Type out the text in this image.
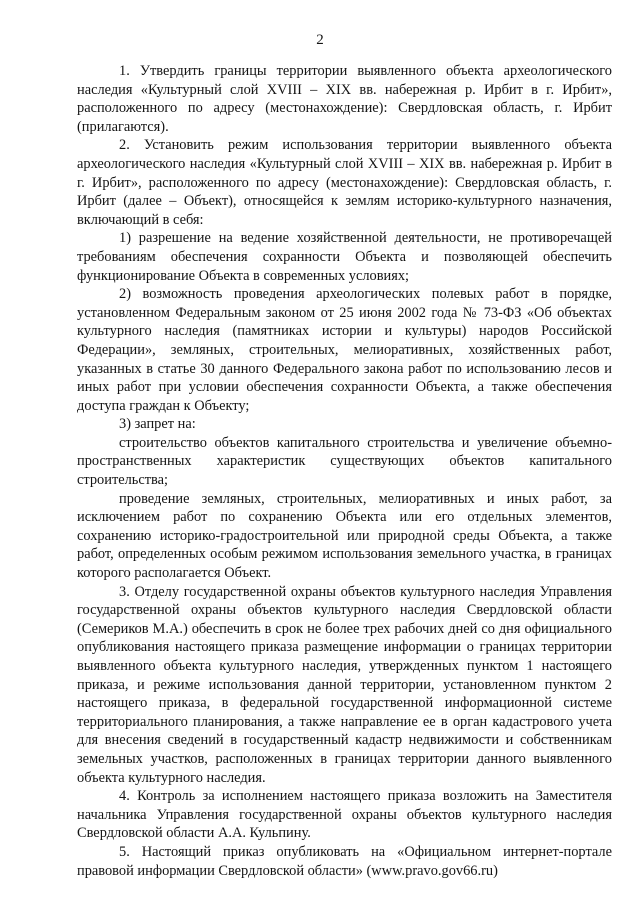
2

1. Утвердить границы территории выявленного объекта археологического наследия «Культурный слой XVIII – XIX вв. набережная р. Ирбит в г. Ирбит», расположенного по адресу (местонахождение): Свердловская область, г. Ирбит (прилагаются).

2. Установить режим использования территории выявленного объекта археологического наследия «Культурный слой XVIII – XIX вв. набережная р. Ирбит в г. Ирбит», расположенного по адресу (местонахождение): Свердловская область, г. Ирбит (далее – Объект), относящейся к землям историко-культурного назначения, включающий в себя:

1) разрешение на ведение хозяйственной деятельности, не противоречащей требованиям обеспечения сохранности Объекта и позволяющей обеспечить функционирование Объекта в современных условиях;

2) возможность проведения археологических полевых работ в порядке, установленном Федеральным законом от 25 июня 2002 года № 73-ФЗ «Об объектах культурного наследия (памятниках истории и культуры) народов Российской Федерации», земляных, строительных, мелиоративных, хозяйственных работ, указанных в статье 30 данного Федерального закона работ по использованию лесов и иных работ при условии обеспечения сохранности Объекта, а также обеспечения доступа граждан к Объекту;

3) запрет на:

строительство объектов капитального строительства и увеличение объемно-пространственных характеристик существующих объектов капитального строительства;

проведение земляных, строительных, мелиоративных и иных работ, за исключением работ по сохранению Объекта или его отдельных элементов, сохранению историко-градостроительной или природной среды Объекта, а также работ, определенных особым режимом использования земельного участка, в границах которого располагается Объект.

3. Отделу государственной охраны объектов культурного наследия Управления государственной охраны объектов культурного наследия Свердловской области (Семериков М.А.) обеспечить в срок не более трех рабочих дней со дня официального опубликования настоящего приказа размещение информации о границах территории выявленного объекта культурного наследия, утвержденных пунктом 1 настоящего приказа, и режиме использования данной территории, установленном пунктом 2 настоящего приказа, в федеральной государственной информационной системе территориального планирования, а также направление ее в орган кадастрового учета для внесения сведений в государственный кадастр недвижимости и собственникам земельных участков, расположенных в границах территории данного выявленного объекта культурного наследия.

4. Контроль за исполнением настоящего приказа возложить на Заместителя начальника Управления государственной охраны объектов культурного наследия Свердловской области А.А. Кульпину.

5. Настоящий приказ опубликовать на «Официальном интернет-портале правовой информации Свердловской области» (www.pravo.gov66.ru)
